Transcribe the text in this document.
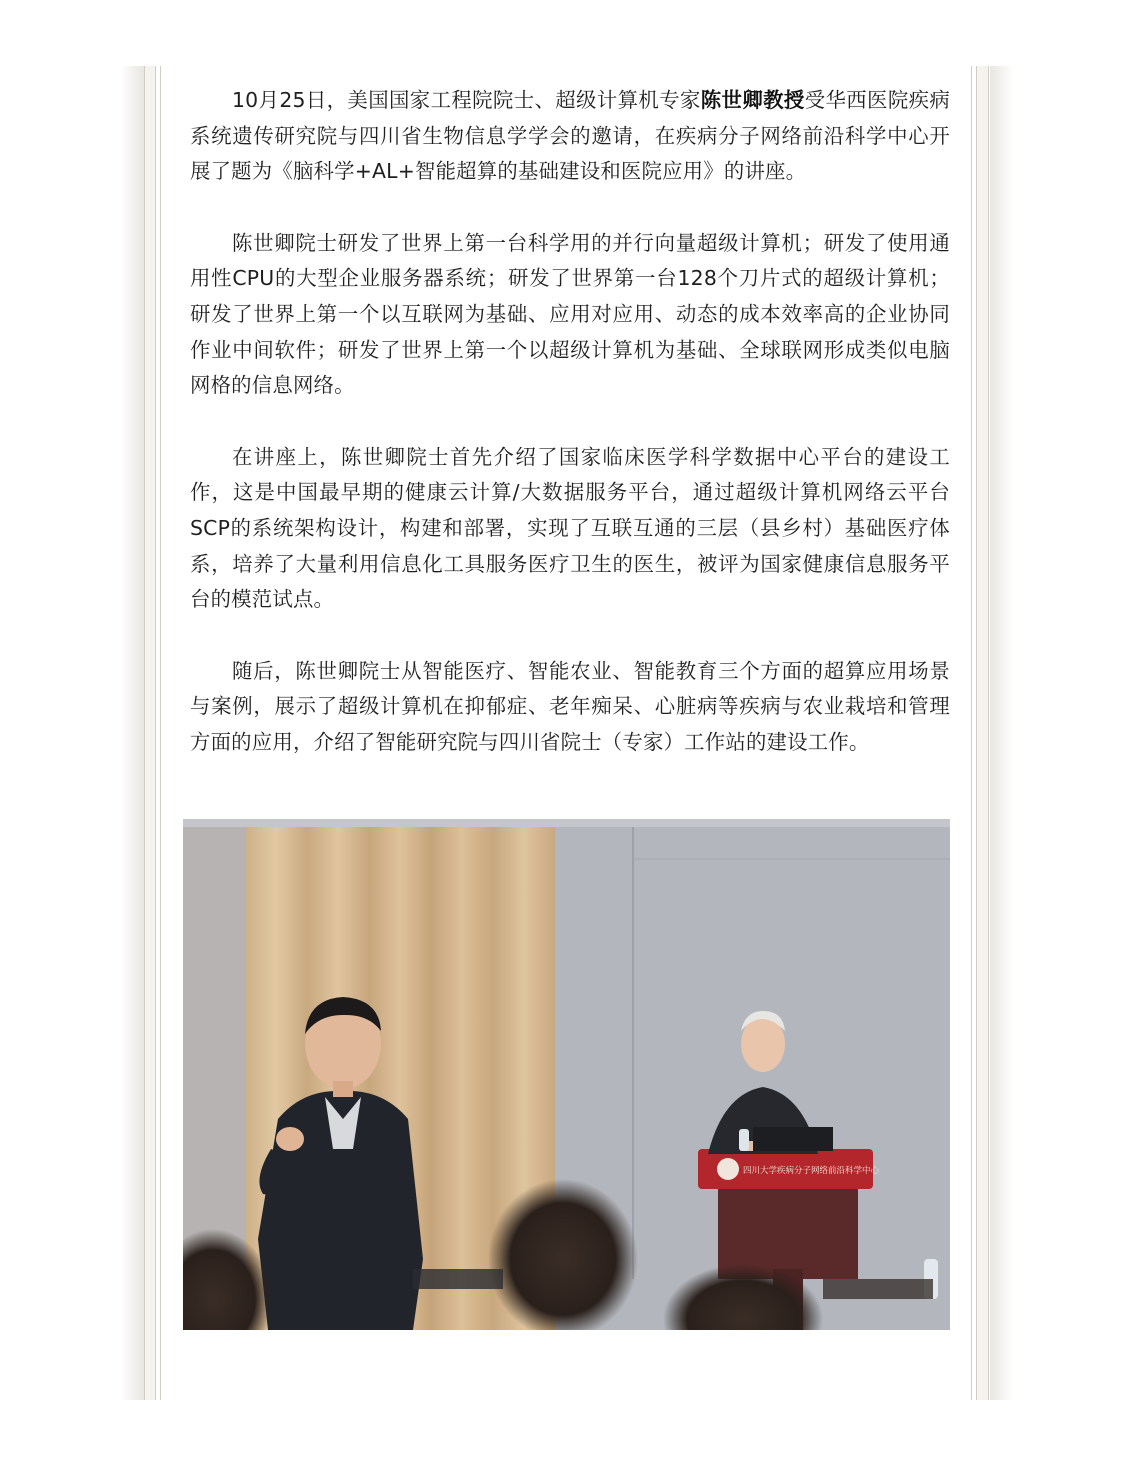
10月25日，美国国家工程院院士、超级计算机专家陈世卿教授受华西医院疾病系统遗传研究院与四川省生物信息学学会的邀请，在疾病分子网络前沿科学中心开展了题为《脑科学+AL+智能超算的基础建设和医院应用》的讲座。

陈世卿院士研发了世界上第一台科学用的并行向量超级计算机；研发了使用通用性CPU的大型企业服务器系统；研发了世界第一台128个刀片式的超级计算机；研发了世界上第一个以互联网为基础、应用对应用、动态的成本效率高的企业协同作业中间软件；研发了世界上第一个以超级计算机为基础、全球联网形成类似电脑网格的信息网络。

在讲座上，陈世卿院士首先介绍了国家临床医学科学数据中心平台的建设工作，这是中国最早期的健康云计算/大数据服务平台，通过超级计算机网络云平台SCP的系统架构设计，构建和部署，实现了互联互通的三层（县乡村）基础医疗体系，培养了大量利用信息化工具服务医疗卫生的医生，被评为国家健康信息服务平台的模范试点。

随后，陈世卿院士从智能医疗、智能农业、智能教育三个方面的超算应用场景与案例，展示了超级计算机在抑郁症、老年痴呆、心脏病等疾病与农业栽培和管理方面的应用，介绍了智能研究院与四川省院士（专家）工作站的建设工作。

四川大学疾病分子网络前沿科学中心
